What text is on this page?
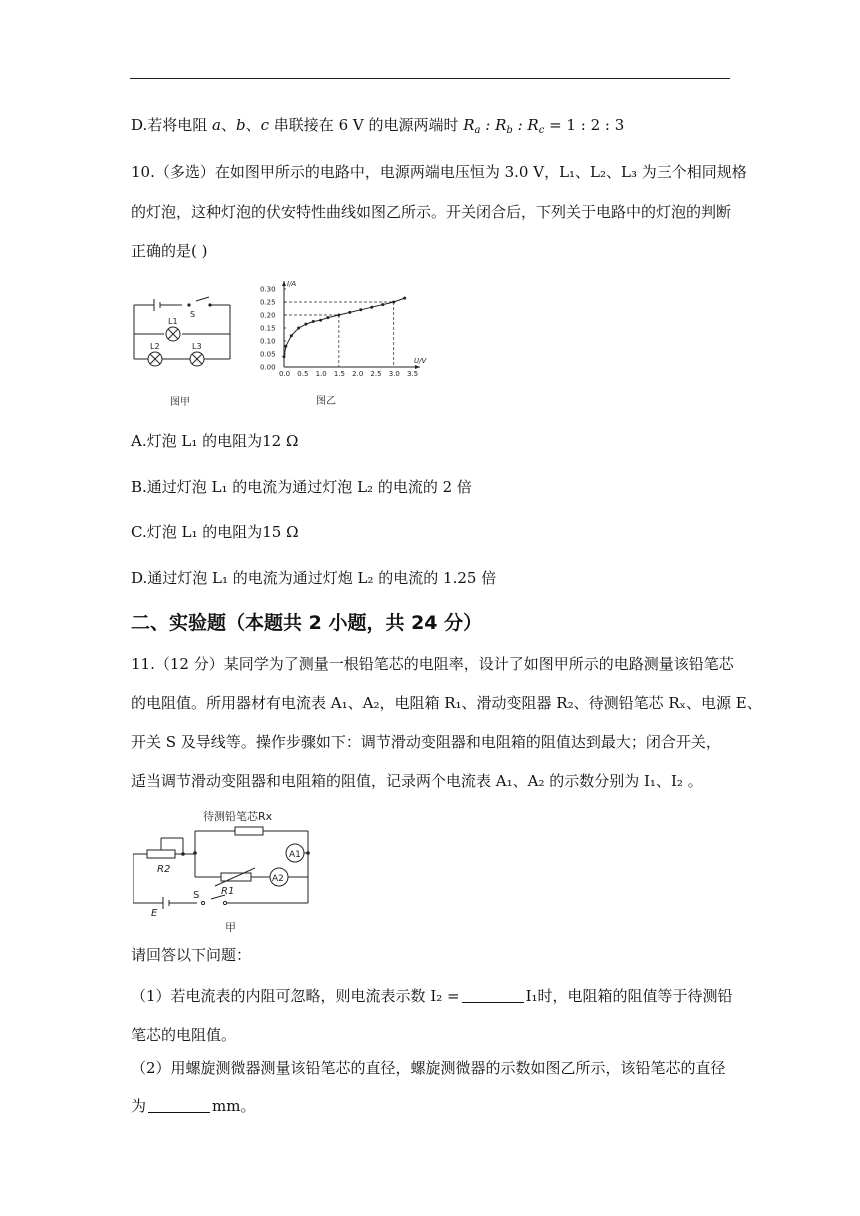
D.若将电阻 a、b、c 串联接在 6 V 的电源两端时 $R_a$ : $R_b$ : $R_c = 1$ : 2 : 3
10.（多选）在如图甲所示的电路中，电源两端电压恒为 3.0 V，L₁、L₂、L₃ 为三个相同规格
的灯泡，这种灯泡的伏安特性曲线如图乙所示。开关闭合后，下列关于电路中的灯泡的判断
正确的是( )
S
L1
L2	L3
图甲
U/V
I/A
0.0 0.5 1.0 1.5 2.0 2.5 3.0 3.5
0.00
0.05
0.10
0.15
0.20
0.25
0.30
图乙
A.灯泡 L₁ 的电阻为12 Ω
B.通过灯泡 L₁ 的电流为通过灯泡 L₂ 的电流的 2 倍
C.灯泡 L₁ 的电阻为15 Ω
D.通过灯泡 L₁ 的电流为通过灯炮 L₂ 的电流的 1.25 倍
二、实验题（本题共 2 小题，共 24 分）
11.（12 分）某同学为了测量一根铅笔芯的电阻率，设计了如图甲所示的电路测量该铅笔芯
的电阻值。所用器材有电流表 A₁、A₂，电阻箱 R₁、滑动变阻器 R₂、待测铅笔芯 Rₓ、电源 E、
开关 S 及导线等。操作步骤如下：调节滑动变阻器和电阻箱的阻值达到最大；闭合开关，
适当调节滑动变阻器和电阻箱的阻值，记录两个电流表 A₁、A₂ 的示数分别为 I₁、I₂ 。
A1
A2
待测铅笔芯Rx
R2
R1
S
E
甲
请回答以下问题：
（1）若电流表的内阻可忽略，则电流表示数 I₂ =	I₁时，电阻箱的阻值等于待测铅
笔芯的电阻值。
（2）用螺旋测微器测量该铅笔芯的直径，螺旋测微器的示数如图乙所示，该铅笔芯的直径
为	mm。
